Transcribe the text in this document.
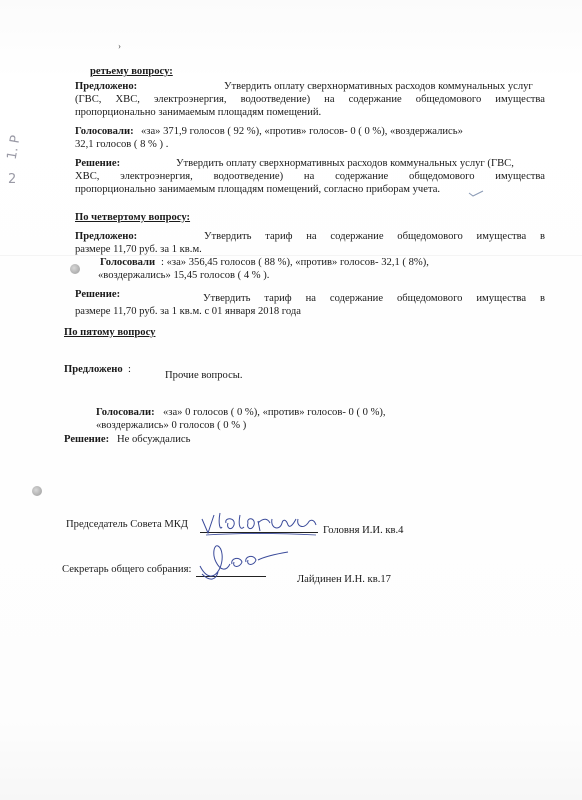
1. Р
2
›
ретьему вопросу:
Предложено:	Утвердить оплату сверхнормативных расходов коммунальных услуг
(ГВС, ХВС, электроэнергия, водоотведение) на содержание общедомового имущества
пропорционально занимаемым площадям помещений.
Голосовали: «за» 371,9 голосов ( 92 %), «против» голосов- 0 ( 0 %), «воздержались»
32,1 голосов ( 8 % ) .
Решение:	Утвердить оплату сверхнормативных расходов коммунальных услуг (ГВС,
ХВС, электроэнергия, водоотведение) на содержание общедомового имущества
пропорционально занимаемым площадям помещений, согласно приборам учета.
По четвертому вопросу:
Предложено:	Утвердить тариф на содержание общедомового имущества в
размере 11,70 руб. за 1 кв.м.
Голосовали : «за» 356,45 голосов ( 88 %), «против» голосов- 32,1 ( 8%),
«воздержались» 15,45 голосов ( 4 % ).
Решение:	Утвердить тариф на содержание общедомового имущества в
размере 11,70 руб. за 1 кв.м. с 01 января 2018 года
По пятому вопросу
Предложено :
Прочие вопросы.
Голосовали: «за» 0 голосов ( 0 %), «против» голосов- 0 ( 0 %),
«воздержались» 0 голосов ( 0 % )
Решение: Не обсуждались
Председатель Совета МКД
Головня И.И. кв.4
Секретарь общего собрания:
Лайдинен И.Н. кв.17
